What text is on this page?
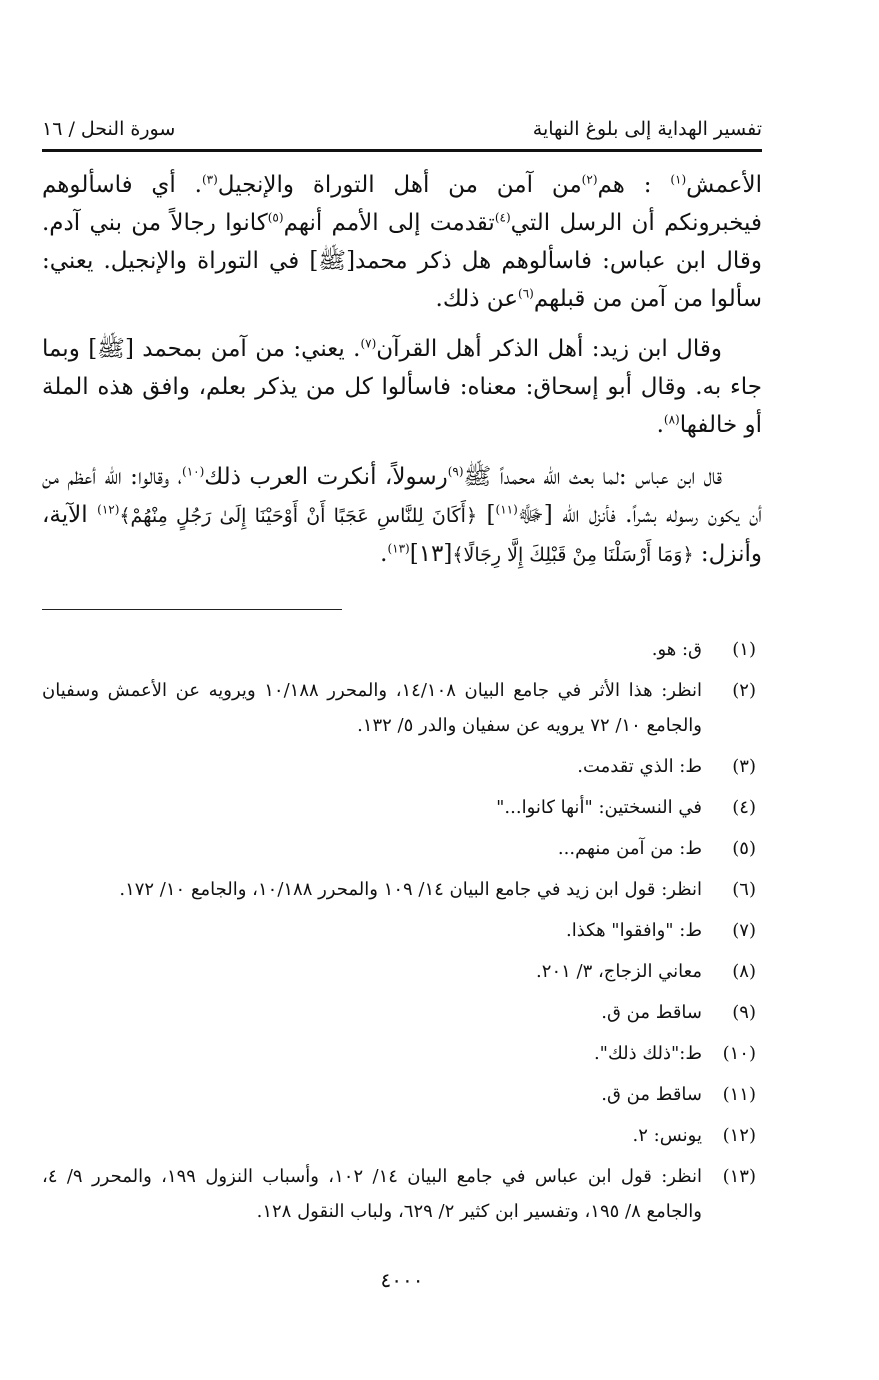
تفسير الهداية إلى بلوغ النهاية
سورة النحل / ١٦

الأعمش$^{(١)}$ : هم$^{(٢)}$من آمن من أهل التوراة والإنجيل$^{(٣)}$. أي فاسألوهم فيخبرونكم أن الرسل التي$^{(٤)}$تقدمت إلى الأمم أنهم$^{(٥)}$كانوا رجالاً من بني آدم. وقال ابن عباس: فاسألوهم هل ذكر محمد[ﷺ] في التوراة والإنجيل. يعني: سألوا من آمن من قبلهم$^{(٦)}$عن ذلك.

وقال ابن زيد: أهل الذكر أهل القرآن$^{(٧)}$. يعني: من آمن بمحمد [ﷺ] وبما جاء به. وقال أبو إسحاق: معناه: فاسألوا كل من يذكر بعلم، وافق هذه الملة أو خالفها$^{(٨)}$.

قال ابن عباس :لما بعث الله محمداً ﷺ$^{(٩)}$رسولاً، أنكرت العرب ذلك$^{(١٠)}$، وقالوا: الله أعظم من أن يكون رسوله بشراً. فأنزل الله [ﷻ$^{(١١)}$] ﴿أَكَانَ لِلنَّاسِ عَجَبًا أَنْ أَوْحَيْنَا إِلَىٰ رَجُلٍ مِنْهُمْ﴾$^{(١٢)}$ الآية، وأنزل: ﴿وَمَا أَرْسَلْنَا مِنْ قَبْلِكَ إِلَّا رِجَالًا﴾[١٣]$^{(١٣)}$.

(١)
ق: هو.
(٢)
انظر: هذا الأثر في جامع البيان ١٤/١٠٨، والمحرر ١٠/١٨٨ ويرويه عن الأعمش وسفيان والجامع ١٠/ ٧٢ يرويه عن سفيان والدر ٥/ ١٣٢.
(٣)
ط: الذي تقدمت.
(٤)
في النسختين: "أنها كانوا..."
(٥)
ط: من آمن منهم...
(٦)
انظر: قول ابن زيد في جامع البيان ١٤/ ١٠٩ والمحرر ١٠/١٨٨، والجامع ١٠/ ١٧٢.
(٧)
ط: "وافقوا" هكذا.
(٨)
معاني الزجاج، ٣/ ٢٠١.
(٩)
ساقط من ق.
(١٠)
ط:"ذلك ذلك".
(١١)
ساقط من ق.
(١٢)
يونس: ٢.
(١٣)
انظر: قول ابن عباس في جامع البيان ١٤/ ١٠٢، وأسباب النزول ١٩٩، والمحرر ٩/ ٤، والجامع ٨/ ١٩٥، وتفسير ابن كثير ٢/ ٦٢٩، ولباب النقول ١٢٨.
٤٠٠٠
